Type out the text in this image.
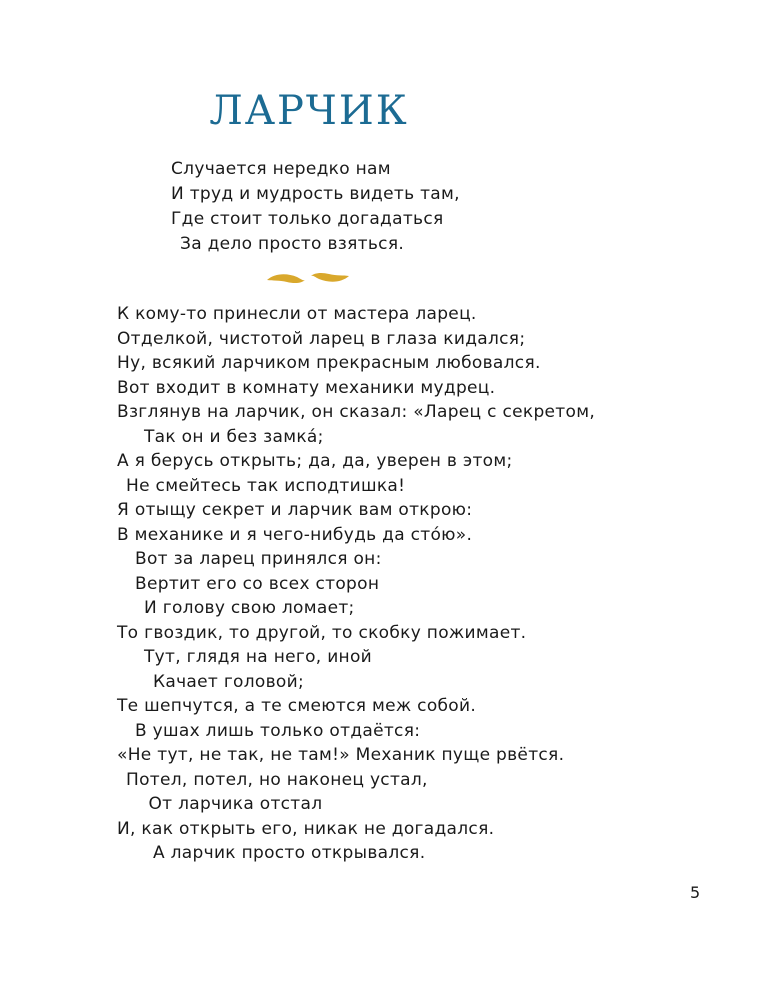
ЛАРЧИК
Случается нередко нам
И труд и мудрость видеть там,
Где стоит только догадаться
За дело просто взяться.
К кому-то принесли от мастера ларец.
Отделкой, чистотой ларец в глаза кидался;
Ну, всякий ларчиком прекрасным любовался.
Вот входит в комнату механики мудрец.
Взглянув на ларчик, он сказал: «Ларец с секретом,
Так он и без замкá;
А я берусь открыть; да, да, уверен в этом;
Не смейтесь так исподтишка!
Я отыщу секрет и ларчик вам открою:
В механике и я чего-нибудь да стóю».
Вот за ларец принялся он:
Вертит его со всех сторон
И голову свою ломает;
То гвоздик, то другой, то скобку пожимает.
Тут, глядя на него, иной
Качает головой;
Те шепчутся, а те смеются меж собой.
В ушах лишь только отдаётся:
«Не тут, не так, не там!» Механик пуще рвётся.
Потел, потел, но наконец устал,
От ларчика отстал
И, как открыть его, никак не догадался.
А ларчик просто открывался.
5
